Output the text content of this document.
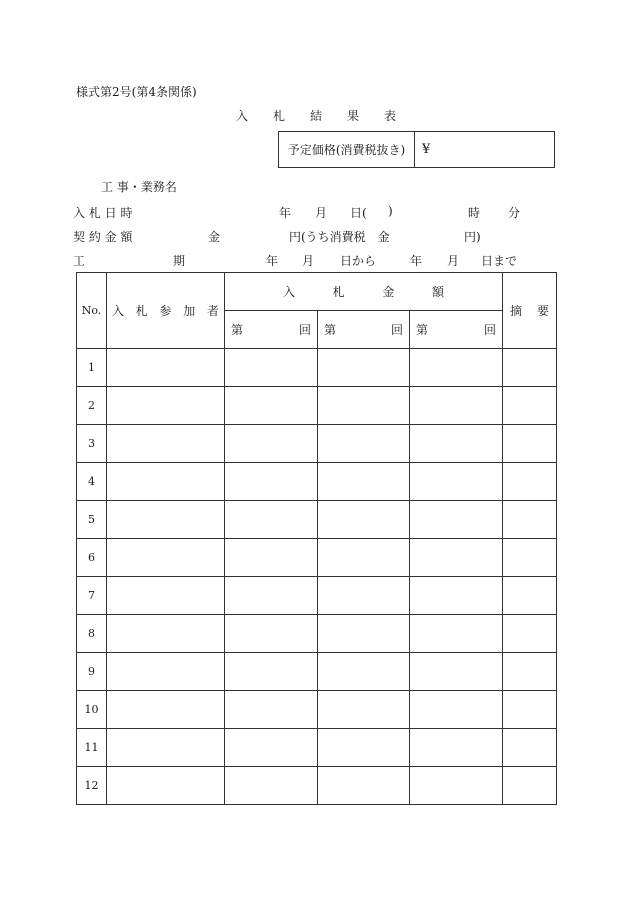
様式第2号(第4条関係)
入 札 結 果 表
予定価格(消費税抜き)	¥
工 事・業務名
入 札 日 時	年 月 日( )	時 分
契 約 金 額	金	円(うち消費税　金	円)
工	期	年 月 日から	年 月 日まで
No.	入 札 参 加 者	入 札 金 額			摘 要

		第 回	第 回	第 回	

1					
2					
3					
4					
5					
6					
7					
8					
9					
10					
11					
12					
